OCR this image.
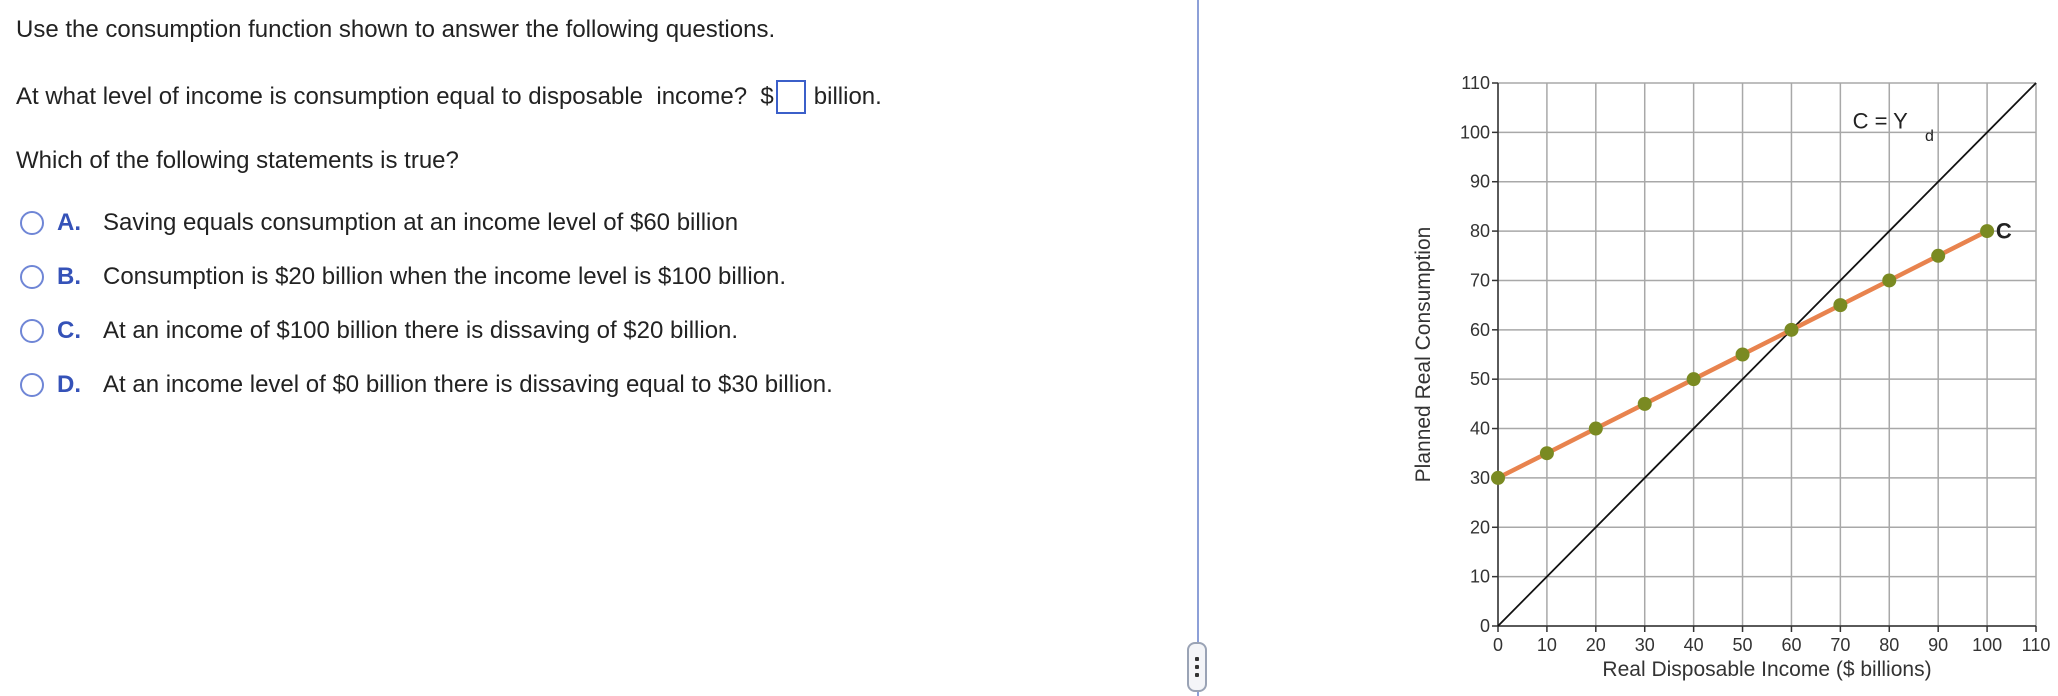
Use the consumption function shown to answer the following questions.
At what level of income is consumption equal to disposable  income?  $ billion.
Which of the following statements is true?
A. Saving equals consumption at an income level of $60 billion
B. Consumption is $20 billion when the income level is $100 billion.
C. At an income of $100 billion there is dissaving of $20 billion.
D. At an income level of $0 billion there is dissaving equal to $30 billion.
0
10
20
30
40
50
60
70
80
90
100
110
0 10 20 30 40 50 60 70 80 90 100 110
Real Disposable Income ($ billions)
Planned Real Consumption
C = Y
d
C
